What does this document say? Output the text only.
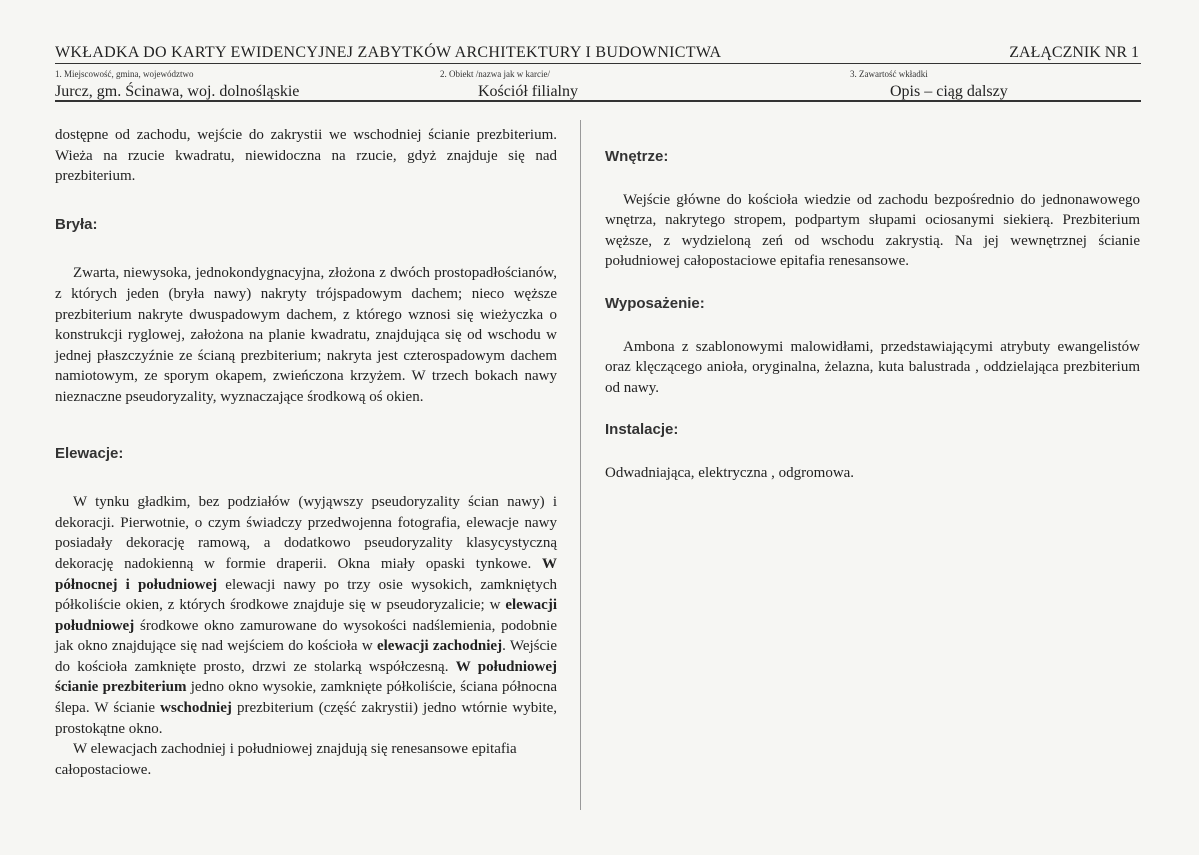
WKŁADKA DO KARTY EWIDENCYJNEJ ZABYTKÓW ARCHITEKTURY I BUDOWNICTWA	ZAŁĄCZNIK NR 1
1. Miejscowość, gmina, województwo	2. Obiekt /nazwa jak w karcie/	3. Zawartość wkładki
Jurcz, gm. Ścinawa, woj. dolnośląskie	Kościół filialny	Opis – ciąg dalszy

dostępne od zachodu, wejście do zakrystii we wschodniej ścianie prezbiterium. Wieża na rzucie kwadratu, niewidoczna na rzucie, gdyż znajduje się nad prezbiterium.

Bryła:

Zwarta, niewysoka, jednokondygnacyjna, złożona z dwóch prostopadłościanów, z których jeden (bryła nawy) nakryty trójspadowym dachem; nieco węższe prezbiterium nakryte dwuspadowym dachem, z którego wznosi się wieżyczka o konstrukcji ryglowej, założona na planie kwadratu, znajdująca się od wschodu w jednej płaszczyźnie ze ścianą prezbiterium; nakryta jest czterospadowym dachem namiotowym, ze sporym okapem, zwieńczona krzyżem. W trzech bokach nawy nieznaczne pseudoryzality, wyznaczające środkową oś okien.

Elewacje:

W tynku gładkim, bez podziałów (wyjąwszy pseudoryzality ścian nawy) i dekoracji. Pierwotnie, o czym świadczy przedwojenna fotografia, elewacje nawy posiadały dekorację ramową, a dodatkowo pseudoryzality klasycystyczną dekorację nadokienną w formie draperii. Okna miały opaski tynkowe. W północnej i południowej elewacji nawy po trzy osie wysokich, zamkniętych półkoliście okien, z których środkowe znajduje się w pseudoryzalicie; w elewacji południowej środkowe okno zamurowane do wysokości nadślemienia, podobnie jak okno znajdujące się nad wejściem do kościoła w elewacji zachodniej. Wejście do kościoła zamknięte prosto, drzwi ze stolarką współczesną. W południowej ścianie prezbiterium jedno okno wysokie, zamknięte półkoliście, ściana północna ślepa. W ścianie wschodniej prezbiterium (część zakrystii) jedno wtórnie wybite, prostokątne okno.

W elewacjach zachodniej i południowej znajdują się renesansowe epitafia całopostaciowe.

Wnętrze:

Wejście główne do kościoła wiedzie od zachodu bezpośrednio do jednonawowego wnętrza, nakrytego stropem, podpartym słupami ociosanymi siekierą. Prezbiterium węższe, z wydzieloną zeń od wschodu zakrystią. Na jej wewnętrznej ścianie południowej całopostaciowe epitafia renesansowe.

Wyposażenie:

Ambona z szablonowymi malowidłami, przedstawiającymi atrybuty ewangelistów oraz klęczącego anioła, oryginalna, żelazna, kuta balustrada , oddzielająca prezbiterium od nawy.

Instalacje:

Odwadniająca, elektryczna , odgromowa.
